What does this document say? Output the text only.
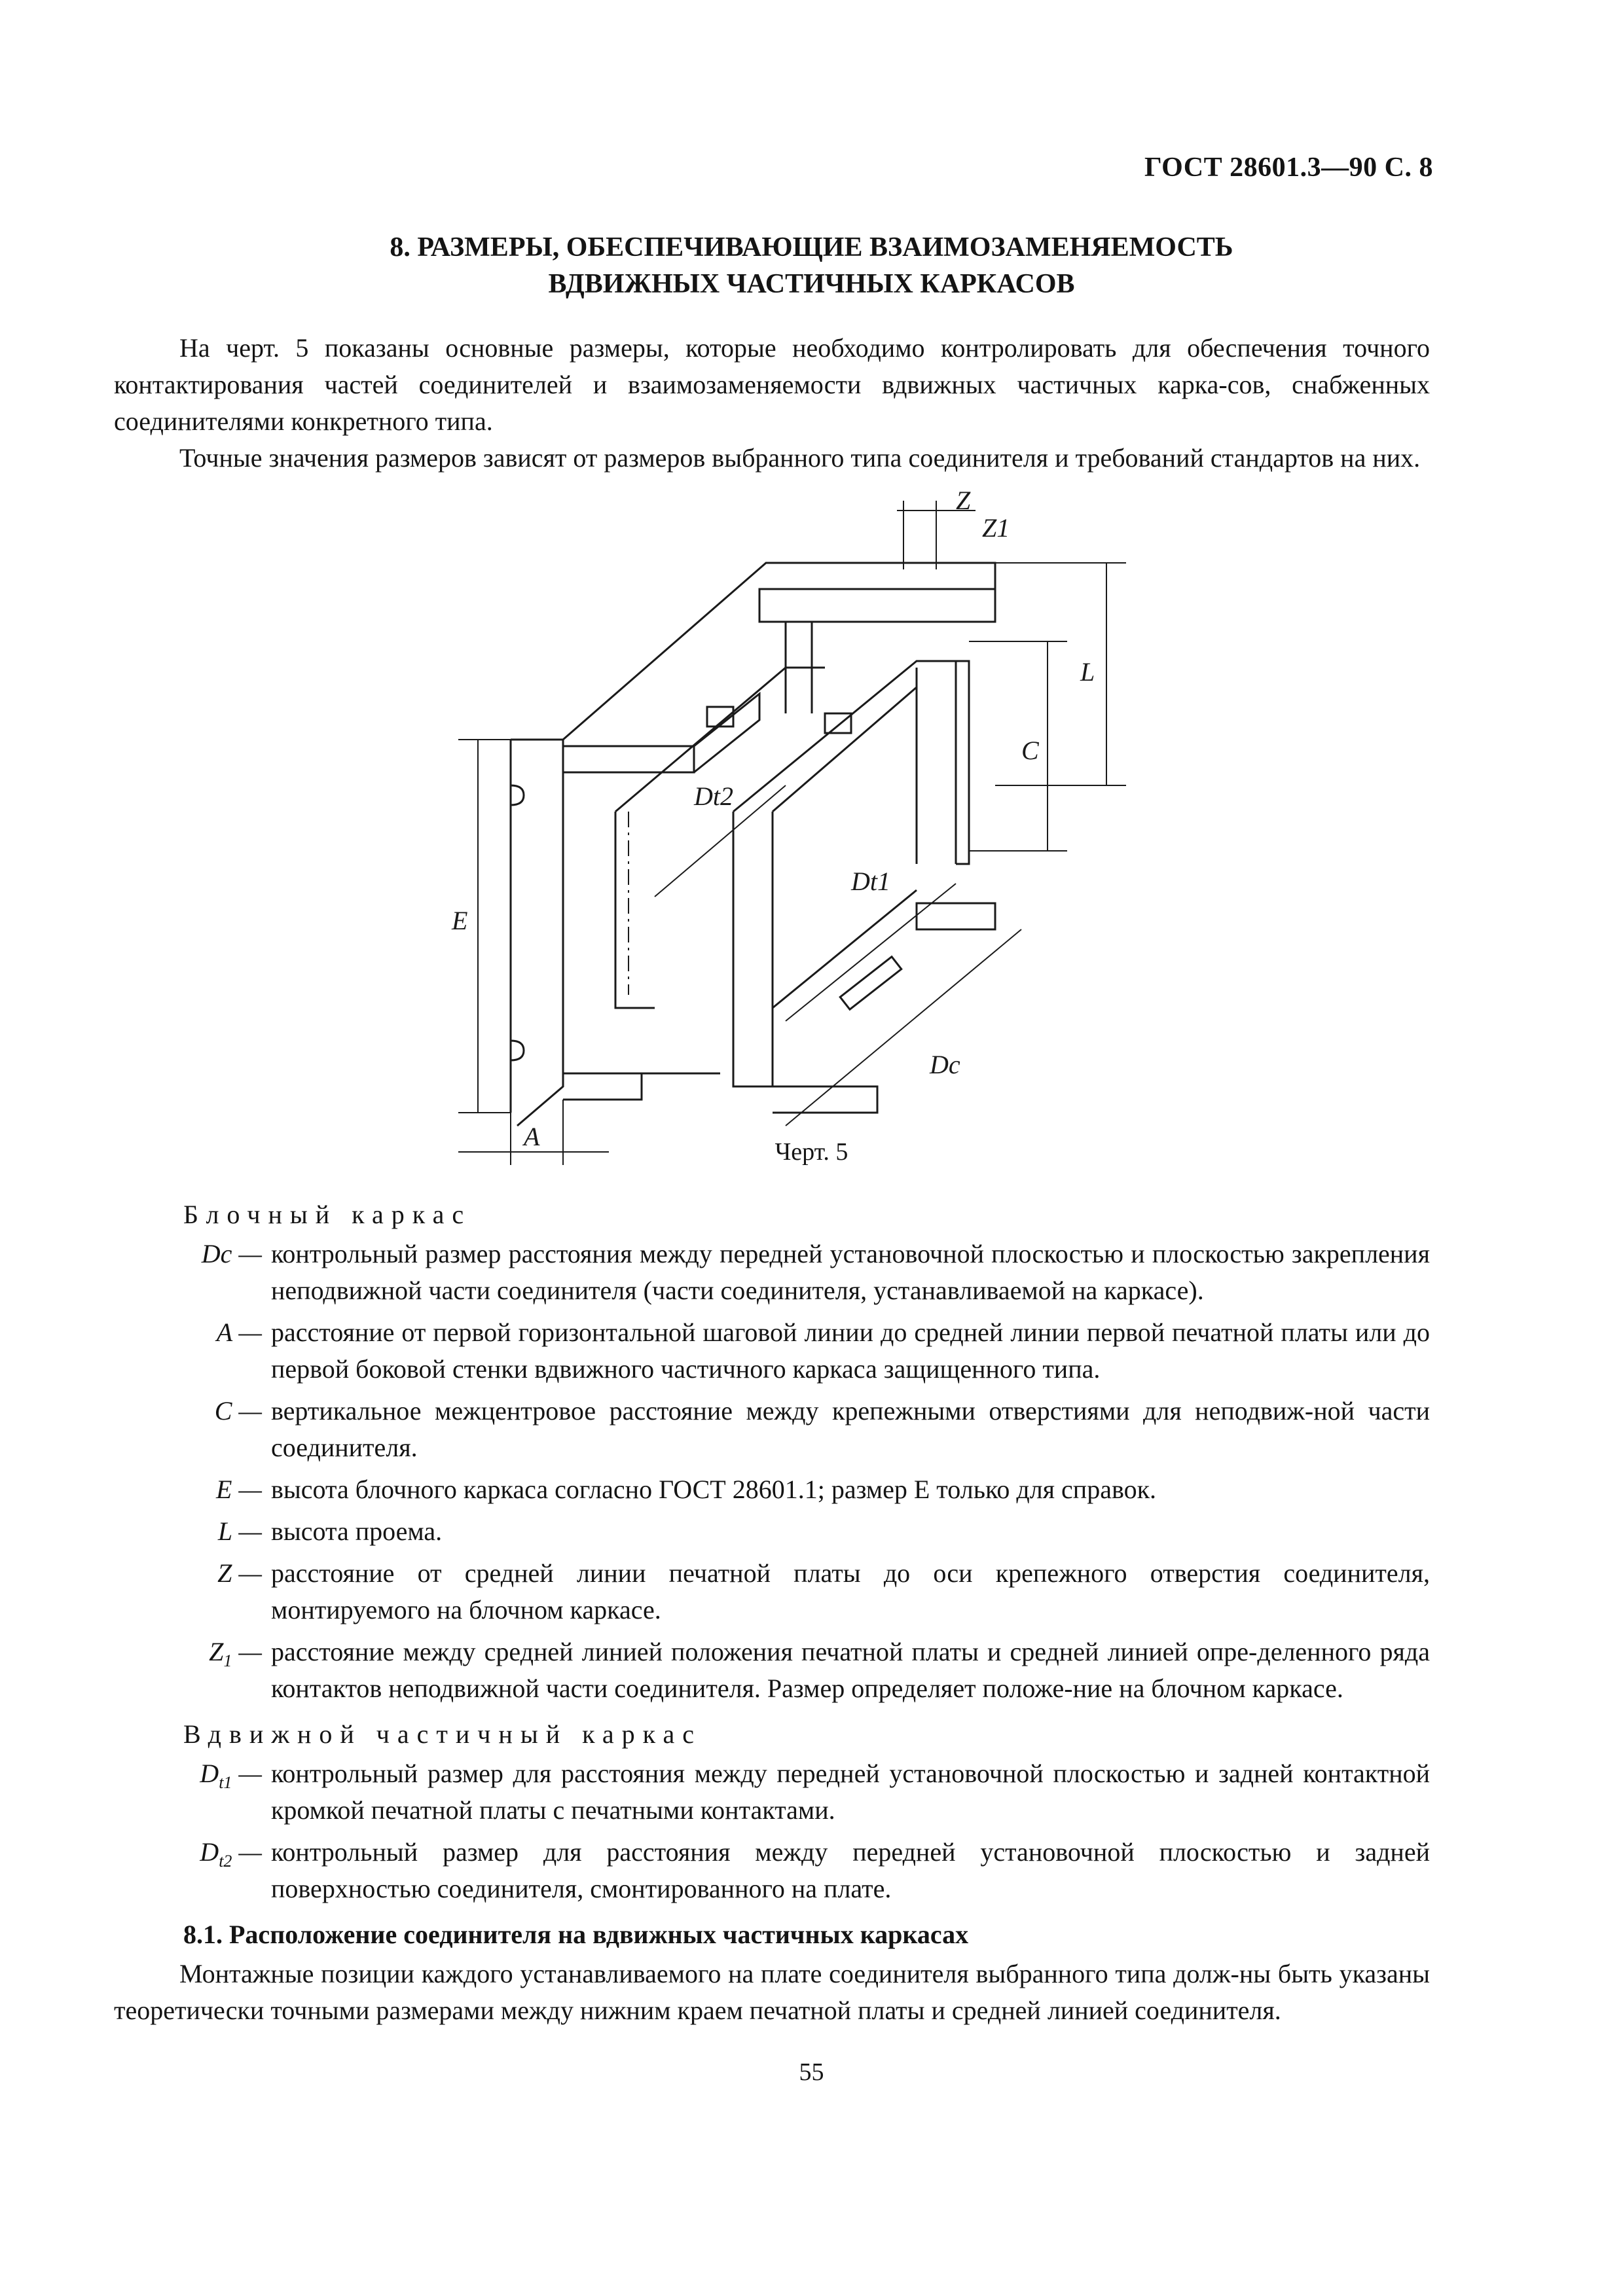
ГОСТ 28601.3—90 С. 8
8. РАЗМЕРЫ, ОБЕСПЕЧИВАЮЩИЕ ВЗАИМОЗАМЕНЯЕМОСТЬ
ВДВИЖНЫХ ЧАСТИЧНЫХ КАРКАСОВ

На черт. 5 показаны основные размеры, которые необходимо контролировать для обеспечения точного контактирования частей соединителей и взаимозаменяемости вдвижных частичных карка-сов, снабженных соединителями конкретного типа.

Точные значения размеров зависят от размеров выбранного типа соединителя и требований стандартов на них.

Z
Z1
L
C
E
A
Dt1
Dt2
Dc
Черт. 5
Блочный каркас
Dc — контрольный размер расстояния между передней установочной плоскостью и плоскостью закрепления неподвижной части соединителя (части соединителя, устанавливаемой на каркасе).
A — расстояние от первой горизонтальной шаговой линии до средней линии первой печатной платы или до первой боковой стенки вдвижного частичного каркаса защищенного типа.
C — вертикальное межцентровое расстояние между крепежными отверстиями для неподвиж-ной части соединителя.
E — высота блочного каркаса согласно ГОСТ 28601.1; размер E только для справок.
L — высота проема.
Z — расстояние от средней линии печатной платы до оси крепежного отверстия соединителя, монтируемого на блочном каркасе.
$Z_1$ — расстояние между средней линией положения печатной платы и средней линией опре-деленного ряда контактов неподвижной части соединителя. Размер определяет положе-ние на блочном каркасе.
Вдвижной частичный каркас
$D_{t1}$ — контрольный размер для расстояния между передней установочной плоскостью и задней контактной кромкой печатной платы с печатными контактами.
$D_{t2}$ — контрольный размер для расстояния между передней установочной плоскостью и задней поверхностью соединителя, смонтированного на плате.
8.1. Расположение соединителя на вдвижных частичных каркасах

Монтажные позиции каждого устанавливаемого на плате соединителя выбранного типа долж-ны быть указаны теоретически точными размерами между нижним краем печатной платы и средней линией соединителя.

55
